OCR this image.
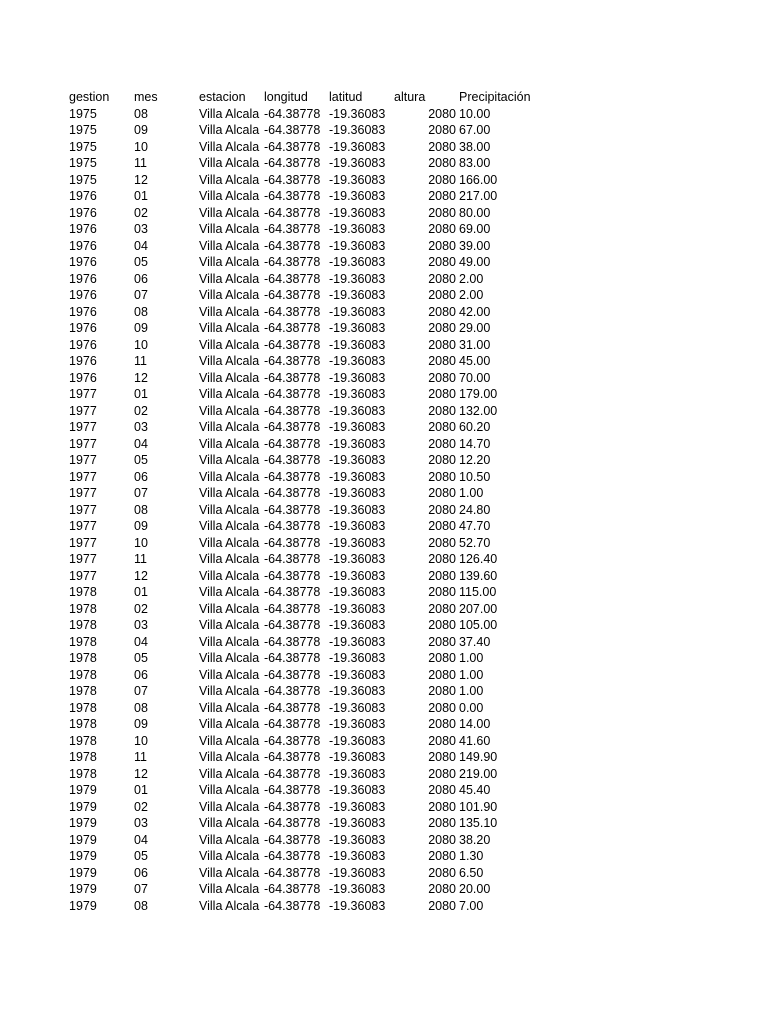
gestion mes	estacion	longitud latitud	altura	Precipitación
1975	08	Villa Alcala -64.38778 -19.36083	2080 10.00
1975	09	Villa Alcala -64.38778 -19.36083	2080 67.00
1975	10	Villa Alcala -64.38778 -19.36083	2080 38.00
1975	11	Villa Alcala -64.38778 -19.36083	2080 83.00
1975	12	Villa Alcala -64.38778 -19.36083	2080 166.00
1976	01	Villa Alcala -64.38778 -19.36083	2080 217.00
1976	02	Villa Alcala -64.38778 -19.36083	2080 80.00
1976	03	Villa Alcala -64.38778 -19.36083	2080 69.00
1976	04	Villa Alcala -64.38778 -19.36083	2080 39.00
1976	05	Villa Alcala -64.38778 -19.36083	2080 49.00
1976	06	Villa Alcala -64.38778 -19.36083	2080 2.00
1976	07	Villa Alcala -64.38778 -19.36083	2080 2.00
1976	08	Villa Alcala -64.38778 -19.36083	2080 42.00
1976	09	Villa Alcala -64.38778 -19.36083	2080 29.00
1976	10	Villa Alcala -64.38778 -19.36083	2080 31.00
1976	11	Villa Alcala -64.38778 -19.36083	2080 45.00
1976	12	Villa Alcala -64.38778 -19.36083	2080 70.00
1977	01	Villa Alcala -64.38778 -19.36083	2080 179.00
1977	02	Villa Alcala -64.38778 -19.36083	2080 132.00
1977	03	Villa Alcala -64.38778 -19.36083	2080 60.20
1977	04	Villa Alcala -64.38778 -19.36083	2080 14.70
1977	05	Villa Alcala -64.38778 -19.36083	2080 12.20
1977	06	Villa Alcala -64.38778 -19.36083	2080 10.50
1977	07	Villa Alcala -64.38778 -19.36083	2080 1.00
1977	08	Villa Alcala -64.38778 -19.36083	2080 24.80
1977	09	Villa Alcala -64.38778 -19.36083	2080 47.70
1977	10	Villa Alcala -64.38778 -19.36083	2080 52.70
1977	11	Villa Alcala -64.38778 -19.36083	2080 126.40
1977	12	Villa Alcala -64.38778 -19.36083	2080 139.60
1978	01	Villa Alcala -64.38778 -19.36083	2080 115.00
1978	02	Villa Alcala -64.38778 -19.36083	2080 207.00
1978	03	Villa Alcala -64.38778 -19.36083	2080 105.00
1978	04	Villa Alcala -64.38778 -19.36083	2080 37.40
1978	05	Villa Alcala -64.38778 -19.36083	2080 1.00
1978	06	Villa Alcala -64.38778 -19.36083	2080 1.00
1978	07	Villa Alcala -64.38778 -19.36083	2080 1.00
1978	08	Villa Alcala -64.38778 -19.36083	2080 0.00
1978	09	Villa Alcala -64.38778 -19.36083	2080 14.00
1978	10	Villa Alcala -64.38778 -19.36083	2080 41.60
1978	11	Villa Alcala -64.38778 -19.36083	2080 149.90
1978	12	Villa Alcala -64.38778 -19.36083	2080 219.00
1979	01	Villa Alcala -64.38778 -19.36083	2080 45.40
1979	02	Villa Alcala -64.38778 -19.36083	2080 101.90
1979	03	Villa Alcala -64.38778 -19.36083	2080 135.10
1979	04	Villa Alcala -64.38778 -19.36083	2080 38.20
1979	05	Villa Alcala -64.38778 -19.36083	2080 1.30
1979	06	Villa Alcala -64.38778 -19.36083	2080 6.50
1979	07	Villa Alcala -64.38778 -19.36083	2080 20.00
1979	08	Villa Alcala -64.38778 -19.36083	2080 7.00
